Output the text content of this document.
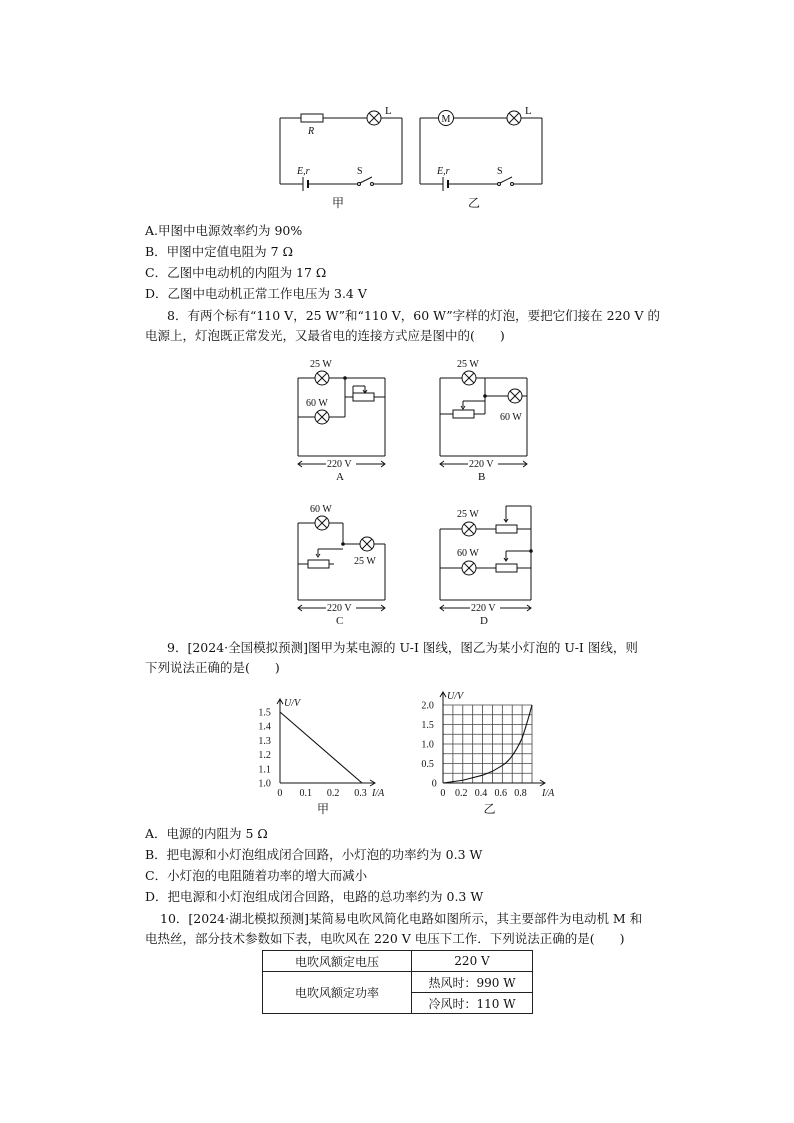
R
L
E,r	S
甲
M
L
E,r	S
乙
A.甲图中电源效率约为 90%
B．甲图中定值电阻为 7 Ω
C．乙图中电动机的内阻为 17 Ω
D．乙图中电动机正常工作电压为 3.4 V
8．有两个标有“110 V，25 W”和“110 V，60 W”字样的灯泡，要把它们接在 220 V 的
电源上，灯泡既正常发光，又最省电的连接方式应是图中的(　　)
25 W
60 W
220 V
A
25 W
60 W
220 V
B
60 W
25 W
220 V
C
25 W
60 W
220 V
D
9．[2024·全国模拟预测]图甲为某电源的 U-I 图线，图乙为某小灯泡的 U-I 图线，则
下列说法正确的是(　　)
0 0.1 0.2 0.3
1.0
1.1
1.2
1.3
1.4
1.5
I/A
U/V
甲
0 0.2 0.4 0.6 0.8
0
0.5
1.0
1.5
2.0
I/A
U/V
乙
A．电源的内阻为 5 Ω
B．把电源和小灯泡组成闭合回路，小灯泡的功率约为 0.3 W
C．小灯泡的电阻随着功率的增大而减小
D．把电源和小灯泡组成闭合回路，电路的总功率约为 0.3 W
10．[2024·湖北模拟预测]某简易电吹风简化电路如图所示，其主要部件为电动机 M 和
电热丝，部分技术参数如下表，电吹风在 220 V 电压下工作．下列说法正确的是(　　)
电吹风额定电压	220 V
电吹风额定功率	热风时：990 W
	冷风时：110 W
